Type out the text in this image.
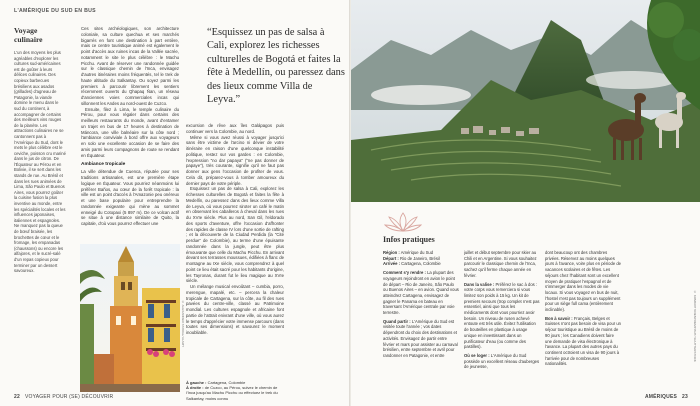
L'AMÉRIQUE DU SUD EN BUS
Voyage culinaire

L'un des moyens les plus agréables d'explorer les cultures sud-américaines est de goûter à leurs délices culinaires. Des copieux barbecues brésiliens aux asados (grillades) d'agneau de Patagonie, la viande domine le menu dans le sud du continent, à accompagner de certains des meilleurs vins rouges de la planète. Les attractions culinaires ne se cantonnent pas à l'Amérique du Sud, dont le mets le plus célèbre est le ceviche, poisson cru mariné dans le jus de citron. De l'Équateur au Pérou et en Bolivie, il se sert dans les stands de rue. Au Brésil et dans les rues animées de Lima, São Paulo et Buenos Aires, vous pourrez goûter la cuisine fusion la plus inventive au monde, entre les spécialités locales et les influences japonaises, italiennes et espagnoles. Ne manquez pas la queue de bœuf braisée, les brochettes de cœur et le fromage, les empanadas (chaussons) ou encore les alfajores, et le sucré-salé d'un repas copieux pour terminer par un dessert savoureux.

Ces sites archéologiques, son architecture coloniale, sa culture quechua et ses marchés bigarrés en font une destination à part entière, mais ce centre touristique animé est également le point d'accès aux ruines incas de la Vallée sacrée, notamment le site le plus célèbre : le Machu Picchu. Avant de réserver une randonnée guidée sur le classique chemin de l'Inca, envisagez d'autres itinéraires moins fréquentés, tel le trek de haute altitude du Salkantay. Ou soyez parmi les premiers à parcourir librement les sentiers récemment ouverts du Qhapaq Ñan, un réseau d'anciennes voies commerciales incas qui sillonnent les Andes au nord-ouest de Cuzco.

Ensuite, filez à Lima, le temple culinaire du Pérou, pour vous régaler dans certains des meilleurs restaurants du monde, avant d'entamer un trajet en bus de 17 heures à destination de Máncora, une ville balnéaire sur la côte nord ; l'ambiance conviviale à bord offre aux voyageurs en solo une excellente occasion de se faire des amis parmi leurs compagnons de route se rendant en Équateur.

Ambiance tropicale

La ville détendue de Cuenca, réputée pour ses traditions artisanales, est une première étape logique en Équateur. Vous pourriez néanmoins lui préférer Baños, au cœur de la forêt tropicale : la ville est un point d'accès à l'Amazonie peu onéreux et une base populaire pour entreprendre la randonnée exigeante qui mène au sommet enneigé du Cotopaxi (5 897 m). De ce volcan actif se situe à une distance similaire de Quito, la capitale, d'où vous pourrez effectuer une

“Esquissez un pas de salsa à Cali, explorez les richesses culturelles de Bogotá et faites la fête à Medellín, ou paressez dans des lieux comme Villa de Leyva.”

excursion de rêve aux îles Galápagos puis continuer vers la Colombie, au nord.

Même si vous avez réussi à voyager jusqu'ici sans être victime de l'arcino ni dévier de votre itinéraire en raison d'une quelconque instabilité politique, restez sur vos gardes : en Colombie, l'expression "no dar papaya" ("ne pas donner de papaye"), très courante, signifie qu'il ne faut pas donner aux gens l'occasion de profiter de vous. Cela dit, préparez-vous à tomber amoureux du dernier pays de votre périple.

Esquissez un pas de salsa à Cali, explorez les richesses culturelles de Bogotá et faites la fête à Medellín, ou paressez dans des lieux comme Villa de Leyva, où vous pourrez siroter un café le matin en observant les caballeros à cheval dans les rues du XVIe siècle. Plus au nord, San Gil, l'eldorado des sports d'aventure, offre l'occasion d'affronter des rapides de classe IV lors d'une sortie de rafting ; et la découverte de la Ciudad Perdida (la "Cité perdue" de Colombie), au terme d'une épuisante randonnée dans la jungle, peut être plus émouvante que celle du Machu Picchu. En arrivant devant ses terrasses moussues, édifiées à flanc de montagne au IXe siècle, vous comprendrez à quel point ce lieu était sacré pour les habitants d'origine, les Tayronas, durant fut le lieu magique au XVIe siècle.

Un mélange musical envoûtant – cumbia, porro, merengue, mapalé, etc. – percera la chaleur tropicale de Cartagena, sur la côte, au fil des rues pavées du centre-ville, classé au Patrimoine mondial. Les cultures espagnole et africaine font partie de l'attrait enivrant d'une ville, où vous aurez le temps d'apprécier votre immense parcours (dans toutes ses dimensions) et savourez le moment inoubliable.

© ALEXANDER STANGL/ ALAMY
À gauche : Cartagena, Colombie
À droite : de Cuzco, au Pérou, suivez le chemin de l'Inca jusqu'au Machu Picchu ou effectuez le trek du Salkantay, moins connu
22 VOYAGER POUR (SE) DÉCOUVRIR
Infos pratiques

Région : Amérique du Sud

Départ : Rio de Janeiro, Brésil

Arrivée : Cartagena, Colombie

Comment s'y rendre : La plupart des voyageurs rejoindront en avion le point de départ – Rio de Janeiro, São Paulo ou Buenos Aires – en avion. Quand vous atteindrez Cartagena, envisagez de gagner le Panama en bateau en traversant l'Amérique centrale par voie terrestre.

Quand partir : L'Amérique du Sud est visitée toute l'année ; vos dates dépendront du choix des destinations et activités. Envisagez de partir entre février et mars pour assister au carnaval brésilien, entre septembre et avril pour randonner en Patagonie, et entre

juillet et début septembre pour skier au Chili et en Argentine. Si vous souhaitez parcourir le classique chemin de l'Inca, sachez qu'il ferme chaque année en février.

Dans la valise : Préférez le sac à dos : votre corps vous remerciera si vous limitez son poids à 15 kg. Un kit de premiers secours (trop complet n'est pas essentiel, ainsi que tous les médicaments dont vous pourriez avoir besoin. Un niveau de rusen achevé entoute est très utile. Évitez l'utilisation de bouteilles en plastique à usage unique en investissant dans un purificateur d'eau (ou comme des pastilles).

Où se loger : L'Amérique du Sud possède un excellent réseau d'auberges de jeunesse,

dont beaucoup ont des chambres privées. Réservez au moins quelques jours à l'avance, voire plus en période de vacances scolaires et de fêtes. Les séjours chez l'habitant sont un excellent moyen de pratiquer l'espagnol et de s'immerger dans les modes de vie locaux. Si vous voyagez en bus de nuit, l'hostel n'est pas toujours un supplément pour un siège full cama (entièrement inclinable).

Bon à savoir : Français, Belges et Suisses n'ont pas besoin de visa pour un séjour touristique au Brésil de moins de 90 jours ; les Canadiens doivent faire une demande de visa électronique à l'avance. La plupart des autres pays du continent octroient un visa de 90 jours à l'arrivée pour de nombreuses nationalités.

© KOMKRIT NOENPOEMPISUT/ SHUTTERSTOCK
AMÉRIQUES 23
